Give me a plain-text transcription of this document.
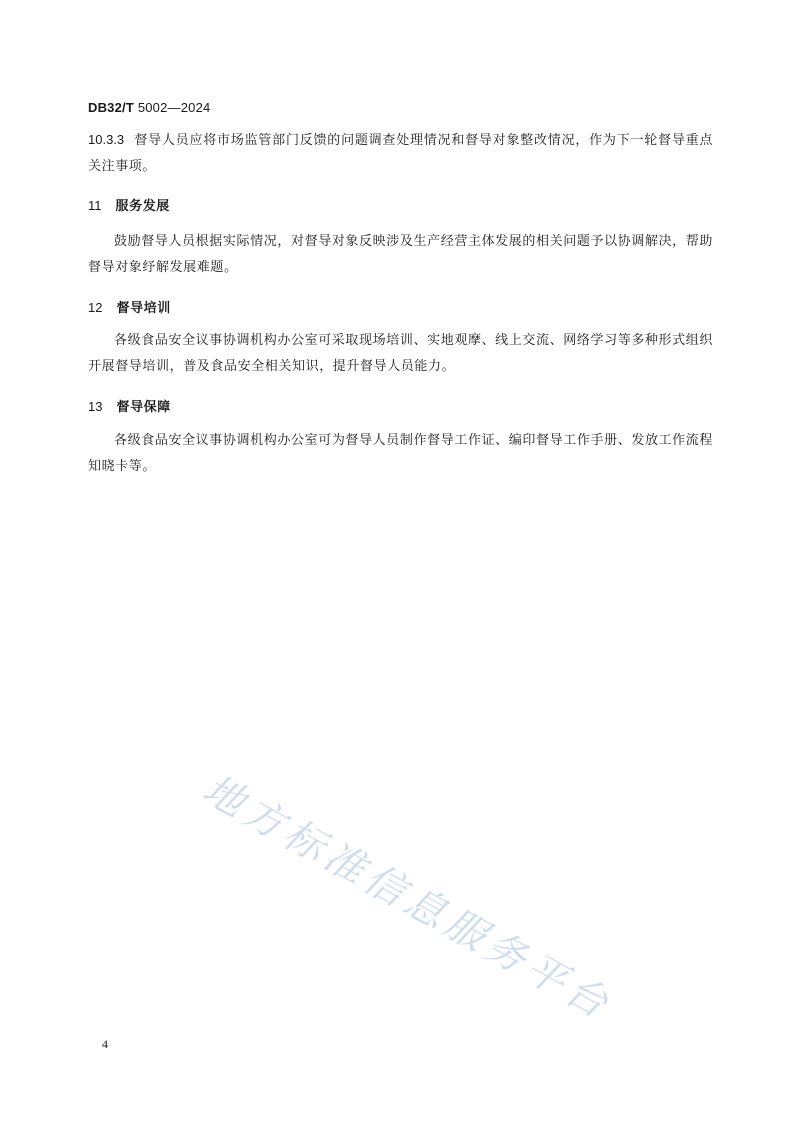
DB32/T 5002—2024
10.3.3 督导人员应将市场监管部门反馈的问题调查处理情况和督导对象整改情况，作为下一轮督导重点关注事项。
11 服务发展
鼓励督导人员根据实际情况，对督导对象反映涉及生产经营主体发展的相关问题予以协调解决，帮助督导对象纾解发展难题。
12 督导培训
各级食品安全议事协调机构办公室可采取现场培训、实地观摩、线上交流、网络学习等多种形式组织开展督导培训，普及食品安全相关知识，提升督导人员能力。
13 督导保障
各级食品安全议事协调机构办公室可为督导人员制作督导工作证、编印督导工作手册、发放工作流程知晓卡等。
地方标准信息服务平台
4
